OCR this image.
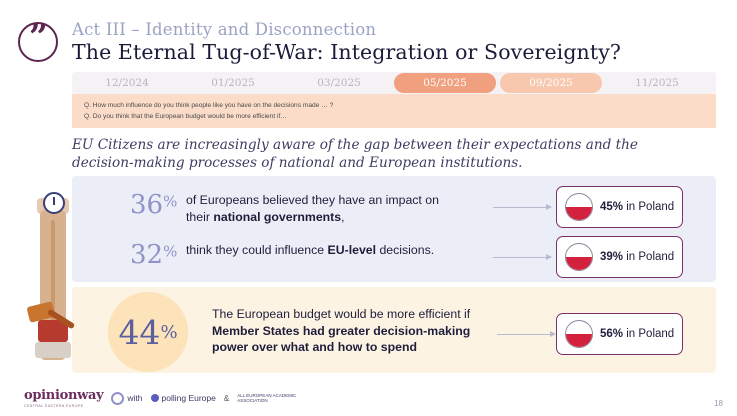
”	Act III – Identity and Disconnection
The Eternal Tug-of-War: Integration or Sovereignty?
12/2024	01/2025	03/2025	05/2025	09/2025	11/2025
Q. How much influence do you think people like you have on the decisions made … ?
Q. Do you think that the European budget would be more efficient if…
EU Citizens are increasingly aware of the gap between their expectations and the decision-making processes of national and European institutions.
36% of Europeans believed they have an impact on their national governments,
32% think they could influence EU-level decisions.
45% in Poland
39% in Poland
56% in Poland
44 %
The European budget would be more efficient if Member States had greater decision-making power over what and how to spend
opinionway
CENTRAL EASTERN EUROPE
with polling Europe & ALL EUROPEAN ACADEMIC ASSOCIATION	18
